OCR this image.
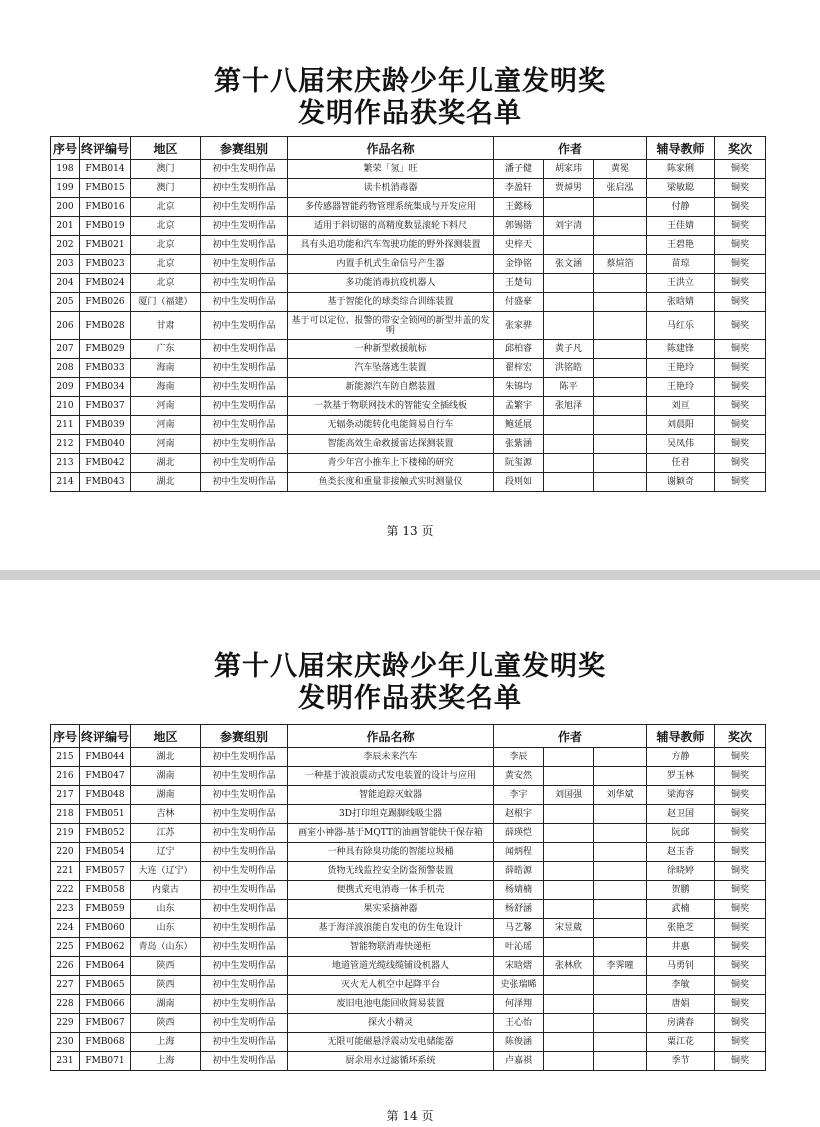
第十八届宋庆龄少年儿童发明奖
发明作品获奖名单
序号	终评编号	地区	参赛组别	作品名称	作者			辅导教师	奖次
198	FMB014	澳门	初中生发明作品	繁荣「氢」旺	潘子健	胡家玮	黄冕	陈家俐	铜奖
199	FMB015	澳门	初中生发明作品	读卡机消毒器	李盈轩	贾焯男	张启泓	梁敏聪	铜奖
200	FMB016	北京	初中生发明作品	多传感器智能药物管理系统集成与开发应用	王懿杨			付静	铜奖
201	FMB019	北京	初中生发明作品	适用于斜切锯的高精度数显滚轮下料尺	郭锡锴	刘宇清		王佳婧	铜奖
202	FMB021	北京	初中生发明作品	具有头追功能和汽车驾驶功能的野外探测装置	史梓天			王碧艳	铜奖
203	FMB023	北京	初中生发明作品	内置手机式生命信号产生器	金铮铭	张文涵	蔡煊箔	苗琼	铜奖
204	FMB024	北京	初中生发明作品	多功能消毒抗疫机器人	王楚旬			王洪立	铜奖
205	FMB026	厦门（福建）	初中生发明作品	基于智能化的球类综合训练装置	付盛豪			张晗婧	铜奖
206	FMB028	甘肃	初中生发明作品	基于可以定位、报警的带安全锁网的新型井盖的发明	张家骅			马红乐	铜奖
207	FMB029	广东	初中生发明作品	一种新型救援航标	邱柏睿	黄子凡		陈建锋	铜奖
208	FMB033	海南	初中生发明作品	汽车坠落逃生装置	翟梓宏	洪铭皓		王艳玲	铜奖
209	FMB034	海南	初中生发明作品	新能源汽车防自燃装置	朱锦均	陈平		王艳玲	铜奖
210	FMB037	河南	初中生发明作品	一款基于物联网技术的智能安全插线板	孟繁宇	张旭泽		刘亘	铜奖
211	FMB039	河南	初中生发明作品	无辐条动能转化电能简易自行车	鲍延展			刘晨阳	铜奖
212	FMB040	河南	初中生发明作品	智能高效生命救援雷达探测装置	张紫涵			吴凤伟	铜奖
213	FMB042	湖北	初中生发明作品	青少年宫小推车上下楼梯的研究	阮玺源			任君	铜奖
214	FMB043	湖北	初中生发明作品	鱼类长度和重量非接触式实时测量仪	段则如			谢颖奇	铜奖
第 13 页
第十八届宋庆龄少年儿童发明奖
发明作品获奖名单
序号	终评编号	地区	参赛组别	作品名称	作者			辅导教师	奖次
215	FMB044	湖北	初中生发明作品	李辰未来汽车	李辰			方静	铜奖
216	FMB047	湖南	初中生发明作品	一种基于波浪震动式发电装置的设计与应用	黄安然			罗玉林	铜奖
217	FMB048	湖南	初中生发明作品	智能追踪灭蚊器	李宇	刘国强	刘华斌	梁海容	铜奖
218	FMB051	吉林	初中生发明作品	3D打印坦克踢脚线吸尘器	赵根宇			赵卫国	铜奖
219	FMB052	江苏	初中生发明作品	画室小神器-基于MQTT的油画智能快干保存箱	薛瑛恺			阮邱	铜奖
220	FMB054	辽宁	初中生发明作品	一种具有除臭功能的智能垃圾桶	闻炳程			赵玉香	铜奖
221	FMB057	大连（辽宁）	初中生发明作品	货物无线监控安全防盗预警装置	薛皓源			徐晓婷	铜奖
222	FMB058	内蒙古	初中生发明作品	便携式充电消毒一体手机壳	杨婧楠			贺鹏	铜奖
223	FMB059	山东	初中生发明作品	果实采摘神器	杨舒涵			武楠	铜奖
224	FMB060	山东	初中生发明作品	基于海洋波浪能自发电的仿生龟设计	马艺馨	宋昱葳		张艳芝	铜奖
225	FMB062	青岛（山东）	初中生发明作品	智能物联消毒快递柜	叶沁瑶			井惠	铜奖
226	FMB064	陕西	初中生发明作品	地道管道光缆线缆铺设机器人	宋晗熠	张林欣	李霁曈	马勇钊	铜奖
227	FMB065	陕西	初中生发明作品	灭火无人机空中起降平台	史张瑞晞			李敏	铜奖
228	FMB066	湖南	初中生发明作品	废旧电池电能回收简易装置	何泽翔			唐娟	铜奖
229	FMB067	陕西	初中生发明作品	探火小精灵	王心怡			房满春	铜奖
230	FMB068	上海	初中生发明作品	无限可能磁悬浮震动发电储能器	陈俊涵			粟江花	铜奖
231	FMB071	上海	初中生发明作品	厨余用水过滤循环系统	卢嘉祺			季节	铜奖
第 14 页
